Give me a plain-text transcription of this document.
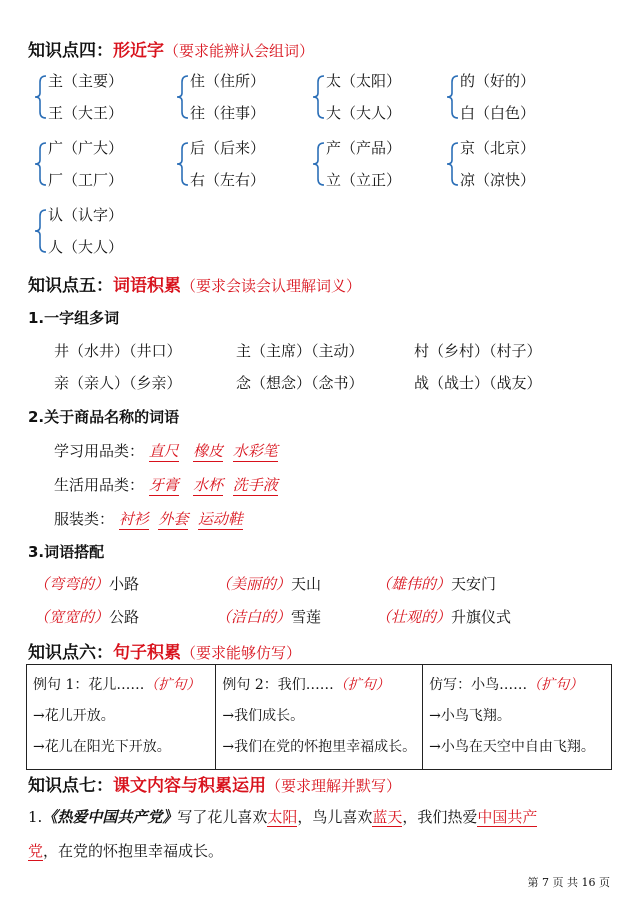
知识点四：形近字（要求能辨认会组词）
主（主要）
王（大王）
住（住所）
往（往事）
太（太阳）
大（大人）
的（好的）
白（白色）
广（广大）
厂（工厂）
后（后来）
右（左右）
产（产品）
立（立正）
京（北京）
凉（凉快）
认（认字）
人（大人）
知识点五：词语积累（要求会读会认理解词义）
1.一字组多词
井（水井）（井口）	主（主席）（主动）	村（乡村）（村子）
亲（亲人）（乡亲）	念（想念）（念书）	战（战士）（战友）
2.关于商品名称的词语
学习用品类： 直尺 橡皮 水彩笔
生活用品类： 牙膏 水杯 洗手液
服装类： 衬衫 外套 运动鞋
3.词语搭配
（弯弯的）小路	（美丽的）天山	（雄伟的）天安门
（宽宽的）公路	（洁白的）雪莲	（壮观的）升旗仪式
知识点六：句子积累（要求能够仿写）
例句 1：花儿……（扩句）
→花儿开放。
→花儿在阳光下开放。

例句 2：我们……（扩句）
→我们成长。
→我们在党的怀抱里幸福成长。

仿写：小鸟……（扩句）
→小鸟飞翔。
→小鸟在天空中自由飞翔。
知识点七：课文内容与积累运用（要求理解并默写）
1.《热爱中国共产党》写了花儿喜欢太阳，鸟儿喜欢蓝天，我们热爱中国共产
党，在党的怀抱里幸福成长。
第 7 页 共 16 页
